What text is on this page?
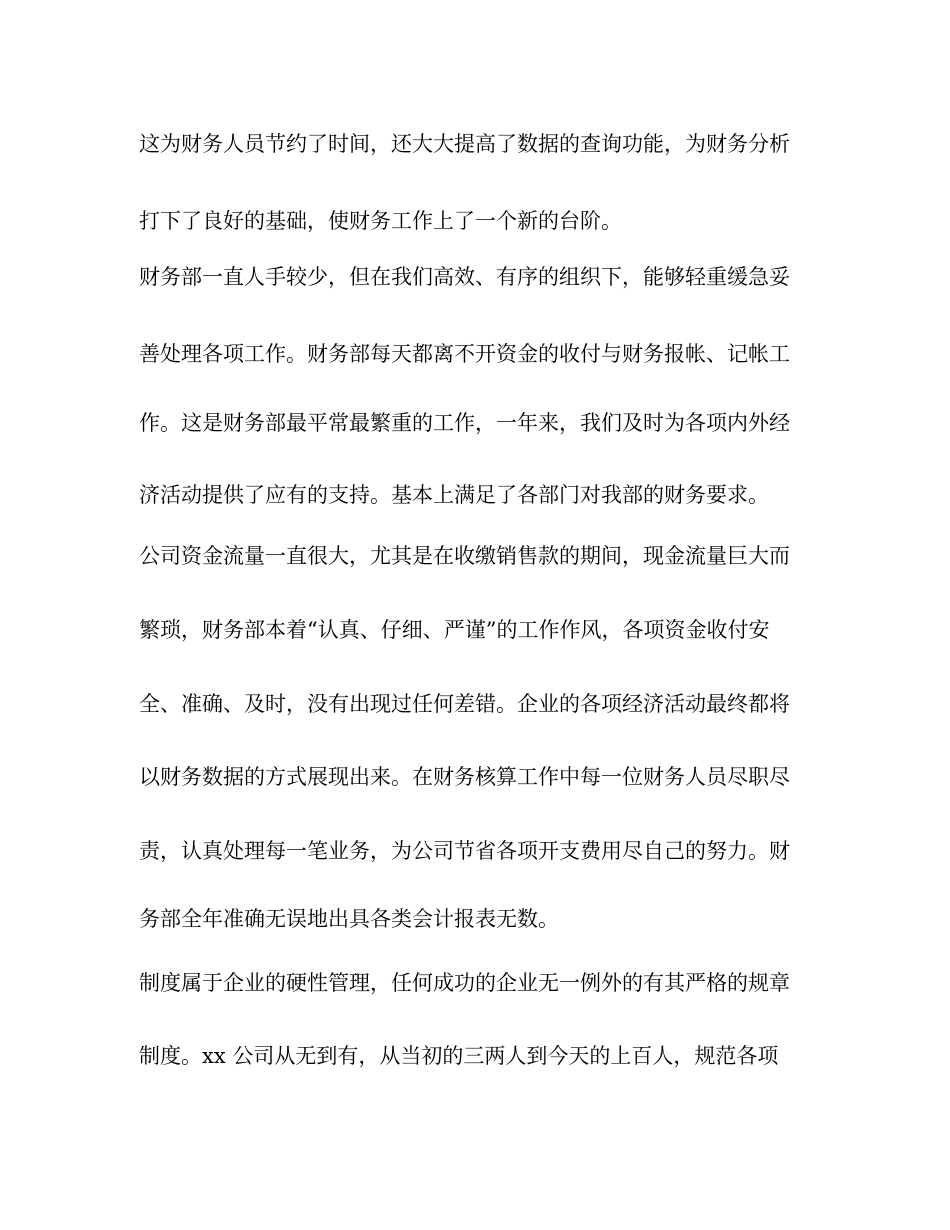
这为财务人员节约了时间，还大大提高了数据的查询功能，为财务分析
打下了良好的基础，使财务工作上了一个新的台阶。
财务部一直人手较少，但在我们高效、有序的组织下，能够轻重缓急妥
善处理各项工作。财务部每天都离不开资金的收付与财务报帐、记帐工
作。这是财务部最平常最繁重的工作，一年来，我们及时为各项内外经
济活动提供了应有的支持。基本上满足了各部门对我部的财务要求。
公司资金流量一直很大，尤其是在收缴销售款的期间，现金流量巨大而
繁琐，财务部本着“认真、仔细、严谨”的工作作风，各项资金收付安
全、准确、及时，没有出现过任何差错。企业的各项经济活动最终都将
以财务数据的方式展现出来。在财务核算工作中每一位财务人员尽职尽
责，认真处理每一笔业务，为公司节省各项开支费用尽自己的努力。财
务部全年准确无误地出具各类会计报表无数。
制度属于企业的硬性管理，任何成功的企业无一例外的有其严格的规章
制度。xx 公司从无到有，从当初的三两人到今天的上百人，规范各项
